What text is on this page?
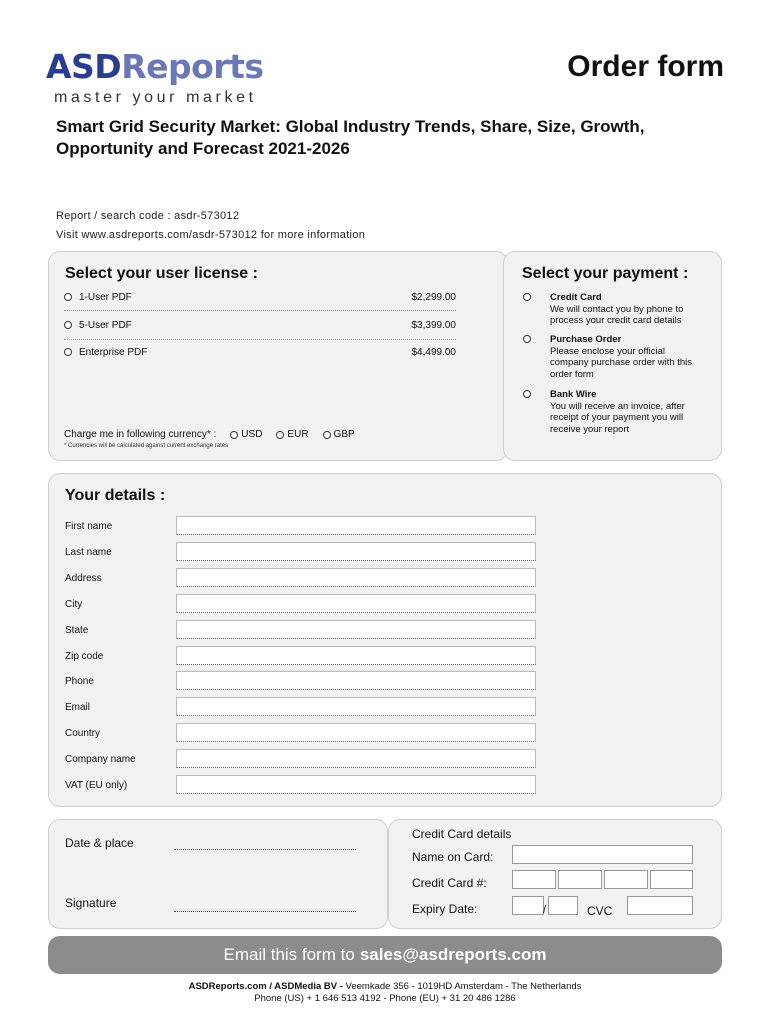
ASDReports
master your market
Order form
Smart Grid Security Market: Global Industry Trends, Share, Size, Growth, Opportunity and Forecast 2021-2026
Report / search code : asdr-573012
Visit www.asdreports.com/asdr-573012 for more information
Select your user license :
1-User PDF	$2,299.00
5-User PDF	$3,399.00
Enterprise PDF	$4,499.00
Charge me in following currency* :	USD	EUR	GBP
* Currencies will be calculated against current exchange rates
Select your payment :
Credit Card
We will contact you by phone to process your credit card details
Purchase Order
Please enclose your official company purchase order with this order form
Bank Wire
You will receive an invoice, after receipt of your payment you will receive your report
Your details :
First name
Last name
Address
City
State
Zip code
Phone
Email
Country
Company name
VAT (EU only)
Date & place
Signature
Credit Card details
Name on Card:
Credit Card #:
Expiry Date:	/	CVC
Email this form to sales@asdreports.com
ASDReports.com / ASDMedia BV - Veemkade 356 - 1019HD Amsterdam - The Netherlands
Phone (US) + 1 646 513 4192 - Phone (EU) + 31 20 486 1286
